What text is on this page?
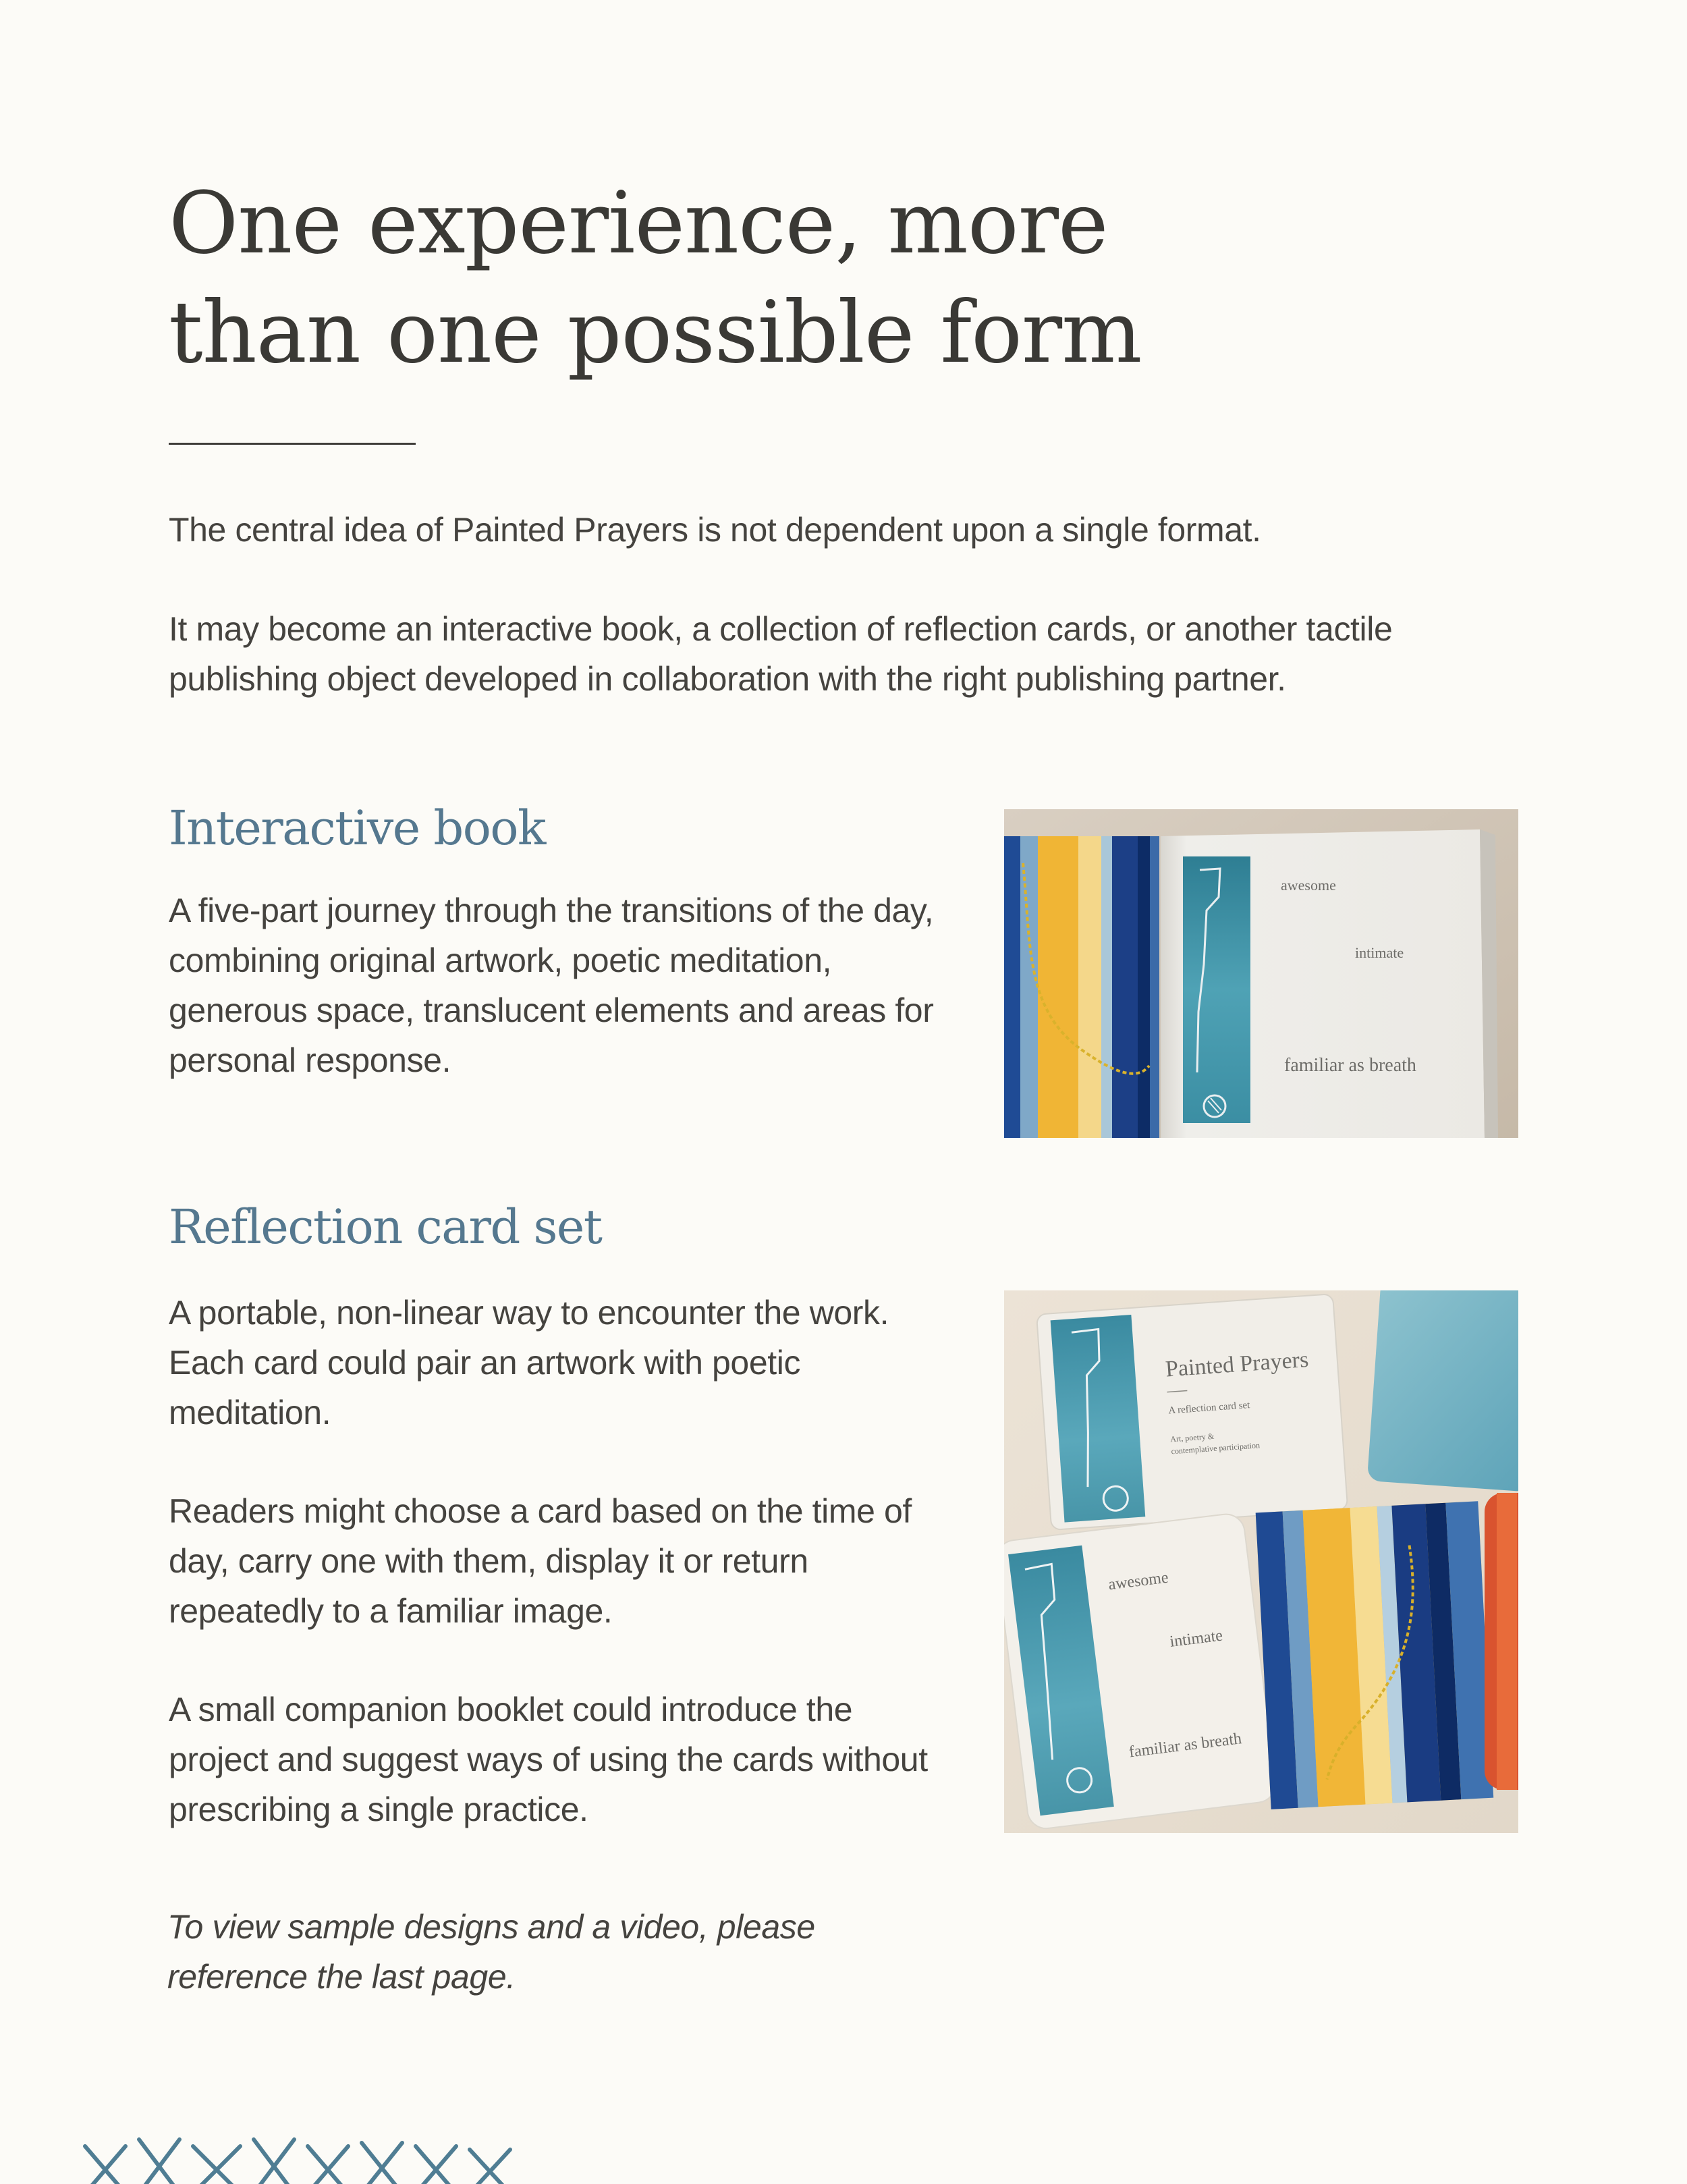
One experience, more than one possible form

The central idea of Painted Prayers is not dependent upon a single format.

It may become an interactive book, a collection of reflection cards, or another tactile publishing object developed in collaboration with the right publishing partner.

Interactive book

A five-part journey through the transitions of the day, combining original artwork, poetic meditation, generous space, translucent elements and areas for personal response.

awesome
intimate
familiar as breath
Reflection card set

A portable, non-linear way to encounter the work. Each card could pair an artwork with poetic meditation.

Readers might choose a card based on the time of day, carry one with them, display it or return repeatedly to a familiar image.

A small companion booklet could introduce the project and suggest ways of using the cards without prescribing a single practice.

Painted Prayers
A reflection card set
Art, poetry &
contemplative participation
awesome
intimate
familiar as breath

To view sample designs and a video, please reference the last page.
